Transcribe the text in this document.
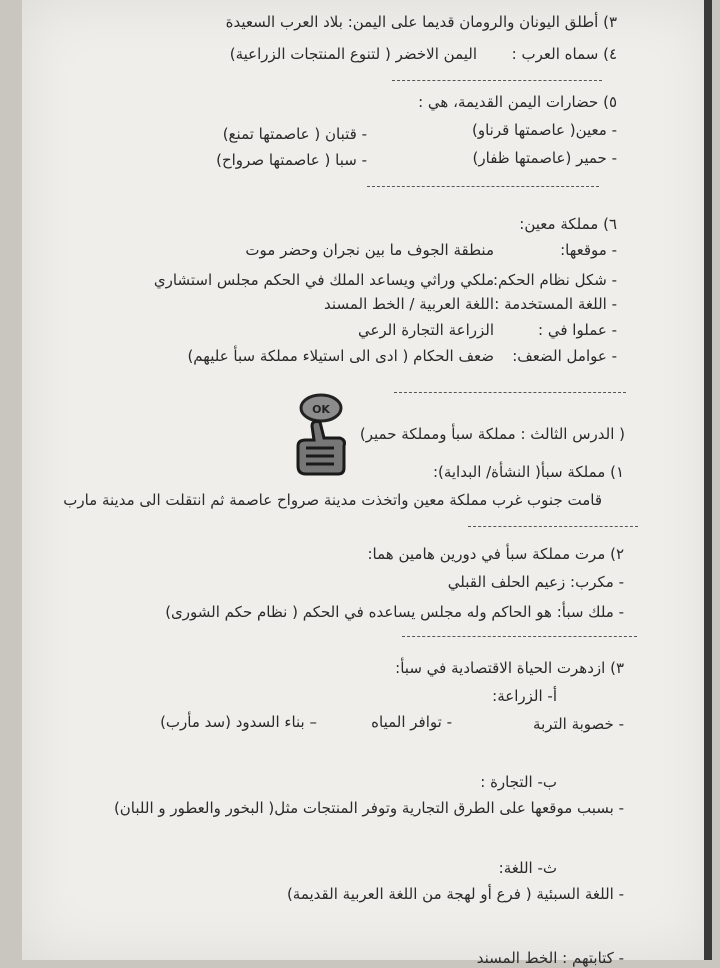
٣) أطلق اليونان والرومان قديما على اليمن: بلاد العرب السعيدة
٤) سماه العرب :
اليمن الاخضر ( لتنوع المنتجات الزراعية)
٥) حضارات اليمن القديمة، هي :
- معين( عاصمتها قرناو)
- قتبان ( عاصمتها تمنع)
- حمير (عاصمتها ظفار)
- سبا ( عاصمتها صرواح)
٦) مملكة معين:
- موقعها:
منطقة الجوف ما بين نجران وحضر موت
- شكل نظام الحكم:
ملكي وراثي ويساعد الملك في الحكم مجلس استشاري
- اللغة المستخدمة :
اللغة العربية / الخط المسند
- عملوا في :
الزراعة التجارة الرعي
- عوامل الضعف:
ضعف الحكام ( ادى الى استيلاء مملكة سبأ عليهم)
OK
( الدرس الثالث : مملكة سبأ ومملكة حمير)
١) مملكة سبأ( النشأة/ البداية):
قامت جنوب غرب مملكة معين واتخذت مدينة صرواح عاصمة ثم انتقلت الى مدينة مارب
٢) مرت مملكة سبأ في دورين هامين هما:
- مكرب: زعيم الحلف القبلي
- ملك سبأ: هو الحاكم وله مجلس يساعده في الحكم ( نظام حكم الشورى)
٣) ازدهرت الحياة الاقتصادية في سبأ:
أ- الزراعة:
- خصوبة التربة
- توافر المياه
– بناء السدود (سد مأرب)
ب- التجارة :
- بسبب موقعها على الطرق التجارية وتوفر المنتجات مثل( البخور والعطور و اللبان)
ث- اللغة:
- اللغة السبئية ( فرع أو لهجة من اللغة العربية القديمة)
- كتابتهم : الخط المسند
